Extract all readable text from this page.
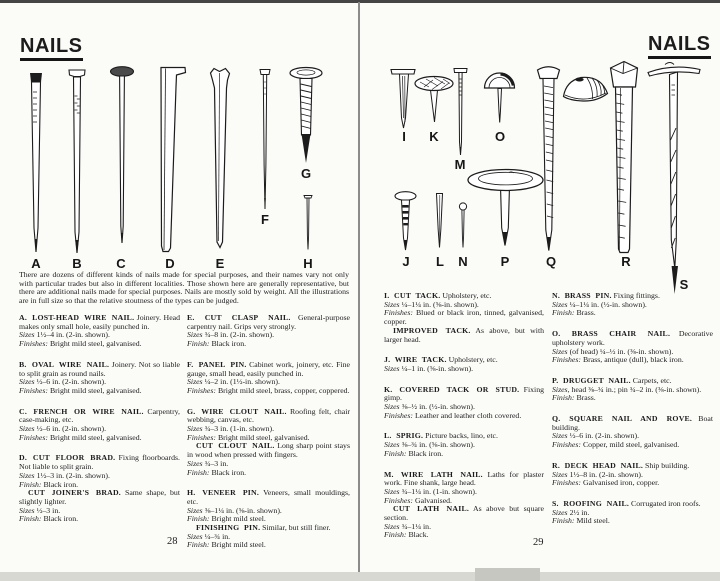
NAILS
A B	C	D	E
F
G
H

There are dozens of different kinds of nails made for special purposes, and their names vary not only with particular trades but also in different localities. Those shown here are generally representative, but there are additional nails made for special purposes. Nails are mostly sold by weight. All the illustrations are in full size so that the relative stoutness of the types can be judged.

A. LOST-HEAD WIRE NAIL. Joinery. Head makes only small hole, easily punched in.

Sizes 1½–4 in. (2-in. shown).

Finishes: Bright mild steel, galvanised.

B. OVAL WIRE NAIL. Joinery. Not so liable to split grain as round nails.

Sizes ½–6 in. (2-in. shown).

Finishes: Bright mild steel, galvanised.

C. FRENCH OR WIRE NAIL. Carpentry, case-making, etc.

Sizes ½–6 in. (2-in. shown).

Finishes: Bright mild steel, galvanised.

D. CUT FLOOR BRAD. Fixing floorboards. Not liable to split grain.

Sizes 1½–3 in. (2-in. shown).

Finish: Black iron.

CUT JOINER'S BRAD. Same shape, but slightly lighter.

Sizes ½–3 in.

Finish: Black iron.

E. CUT CLASP NAIL. General-purpose carpentry nail. Grips very strongly.

Sizes ¾–8 in. (2-in. shown).

Finish: Black iron.

F. PANEL PIN. Cabinet work, joinery, etc. Fine gauge, small head, easily punched in.

Sizes ¼–2 in. (1½-in. shown).

Finishes: Bright mild steel, brass, copper, coppered.

G. WIRE CLOUT NAIL. Roofing felt, chair webbing, canvas, etc.

Sizes ¾–3 in. (1-in. shown).

Finishes: Bright mild steel, galvanised.

CUT CLOUT NAIL. Long sharp point stays in wood when pressed with fingers.

Sizes ¾–3 in.

Finish: Black iron.

H. VENEER PIN. Veneers, small mouldings, etc.

Sizes ⅜–1¼ in. (⅝-in. shown).

Finish: Bright mild steel.

FINISHING PIN. Similar, but still finer.

Sizes ¼–¾ in.

Finish: Bright mild steel.

28
NAILS
I K
M
O
J L N	P	Q	R
S

I. CUT TACK. Upholstery, etc.

Sizes ¼–1¼ in. (⅝-in. shown).

Finishes: Blued or black iron, tinned, galvanised, copper.

IMPROVED TACK. As above, but with larger head.

J. WIRE TACK. Upholstery, etc.

Sizes ¼–1 in. (⅝-in. shown).

K. COVERED TACK OR STUD. Fixing gimp.

Sizes ⅜–½ in. (½-in. shown).

Finishes: Leather and leather cloth covered.

L. SPRIG. Picture backs, lino, etc.

Sizes ⅜–¾ in. (⅝-in. shown).

Finish: Black iron.

M. WIRE LATH NAIL. Laths for plaster work. Fine shank, large head.

Sizes ¾–1¼ in. (1-in. shown).

Finishes: Galvanised.

CUT LATH NAIL. As above but square section.

Sizes ¾–1¼ in.

Finish: Black.

N. BRASS PIN. Fixing fittings.

Sizes ¼–1¼ in. (½-in. shown).

Finish: Brass.

O. BRASS CHAIR NAIL. Decorative upholstery work.

Sizes (of head) ¼–½ in. (⅜-in. shown).

Finishes: Brass, antique (dull), black iron.

P. DRUGGET NAIL. Carpets, etc.

Sizes, head ⅜–¾ in.; pin ¾–2 in. (⅜-in. shown).

Finish: Brass.

Q. SQUARE NAIL AND ROVE. Boat building.

Sizes ½–6 in. (2-in. shown).

Finishes: Copper, mild steel, galvanised.

R. DECK HEAD NAIL. Ship building.

Sizes 1½–8 in. (2-in. shown).

Finishes: Galvanised iron, copper.

S. ROOFING NAIL. Corrugated iron roofs.

Sizes 2½ in.

Finish: Mild steel.

29
